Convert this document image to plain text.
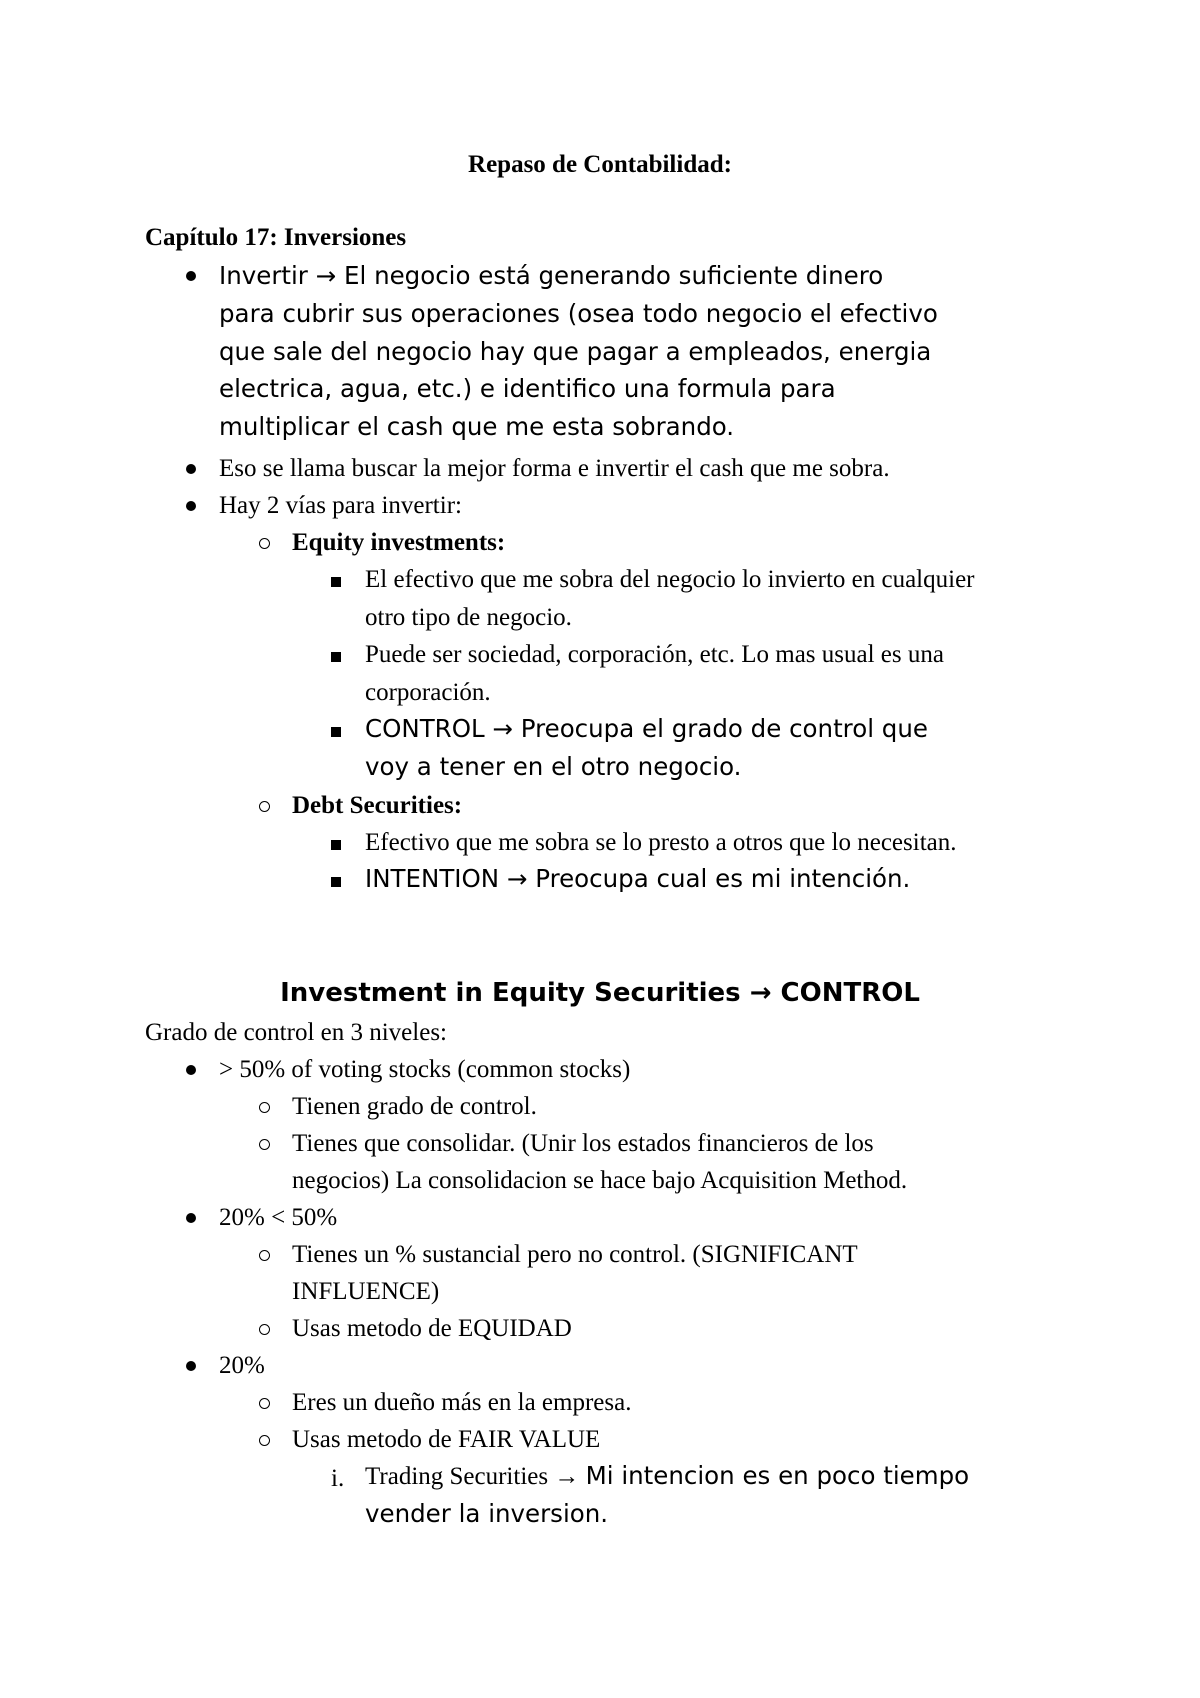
Repaso de Contabilidad:
Capítulo 17: Inversiones
Invertir → El negocio está generando suficiente dinero
para cubrir sus operaciones (osea todo negocio el efectivo
que sale del negocio hay que pagar a empleados, energia
electrica, agua, etc.) e identifico una formula para
multiplicar el cash que me esta sobrando.
Eso se llama buscar la mejor forma e invertir el cash que me sobra.
Hay 2 vías para invertir:
Equity investments:
El efectivo que me sobra del negocio lo invierto en cualquier
otro tipo de negocio.
Puede ser sociedad, corporación, etc. Lo mas usual es una
corporación.
CONTROL → Preocupa el grado de control que
voy a tener en el otro negocio.
Debt Securities:
Efectivo que me sobra se lo presto a otros que lo necesitan.
INTENTION → Preocupa cual es mi intención.
Investment in Equity Securities → CONTROL
Grado de control en 3 niveles:
> 50% of voting stocks (common stocks)
Tienen grado de control.
Tienes que consolidar. (Unir los estados financieros de los
negocios) La consolidacion se hace bajo Acquisition Method.
20% < 50%
Tienes un % sustancial pero no control. (SIGNIFICANT
INFLUENCE)
Usas metodo de EQUIDAD
20%
Eres un dueño más en la empresa.
Usas metodo de FAIR VALUE
i. Trading Securities → Mi intencion es en poco tiempo
vender la inversion.
